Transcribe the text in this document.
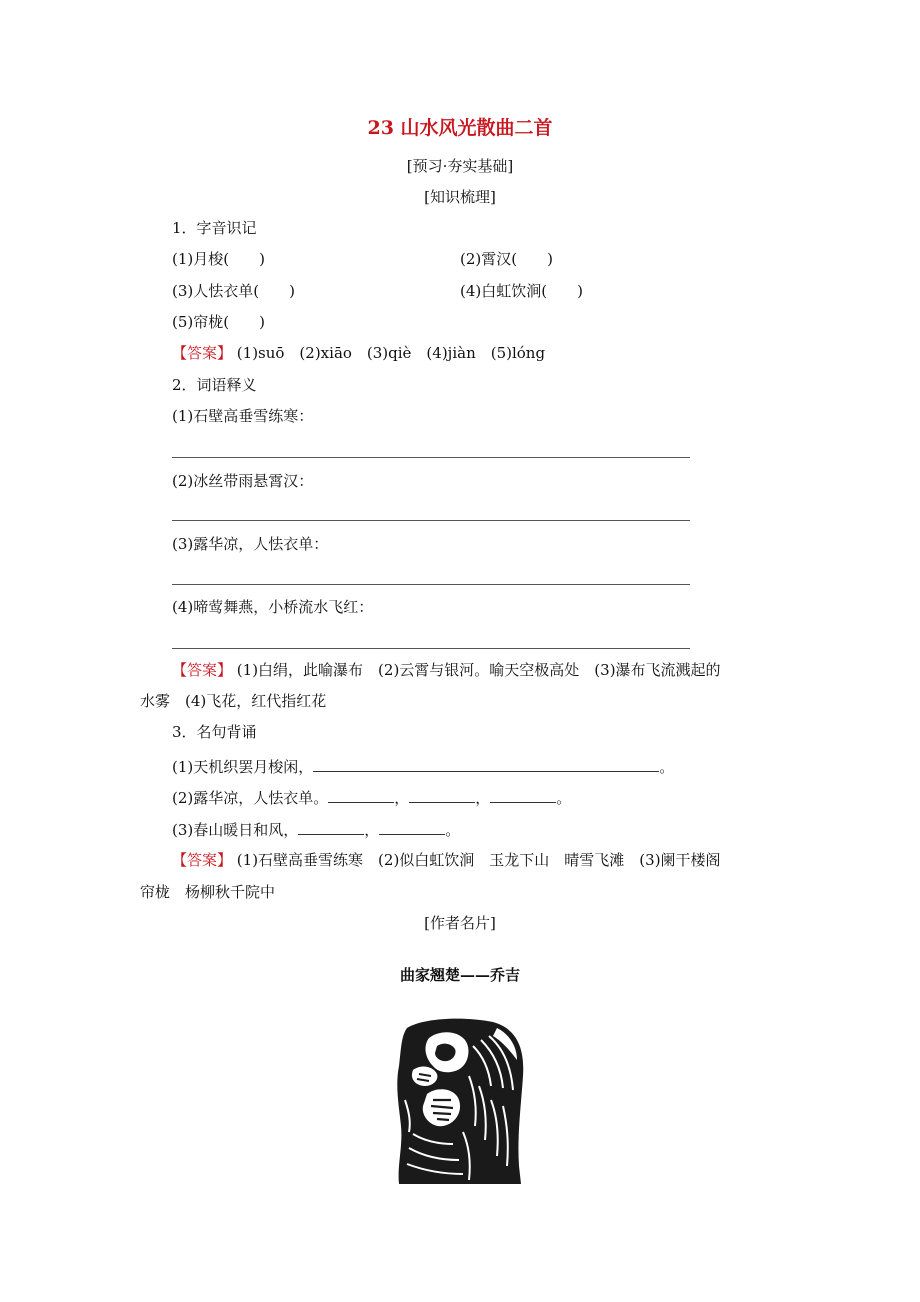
23 山水风光散曲二首
[预习·夯实基础]
[知识梳理]
1．字音识记
(1)月梭(　　)	(2)霄汉(　　)
(3)人怯衣单(　　)	(4)白虹饮涧(　　)
(5)帘栊(　　)
【答案】 (1)suō　(2)xiāo　(3)qiè　(4)jiàn　(5)lóng
2．词语释义
(1)石壁高垂雪练寒：
(2)冰丝带雨悬霄汉：
(3)露华凉，人怯衣单：
(4)啼莺舞燕，小桥流水飞红：
【答案】 (1)白绢，此喻瀑布　(2)云霄与银河。喻天空极高处　(3)瀑布飞流溅起的
水雾　(4)飞花，红代指红花
3．名句背诵
(1)天机织罢月梭闲，	。
(2)露华凉，人怯衣单。	，	，	。
(3)春山暖日和风，	，	。
【答案】 (1)石壁高垂雪练寒　(2)似白虹饮涧　玉龙下山　晴雪飞滩　(3)阑干楼阁
帘栊　杨柳秋千院中
[作者名片]
曲家翘楚——乔吉
